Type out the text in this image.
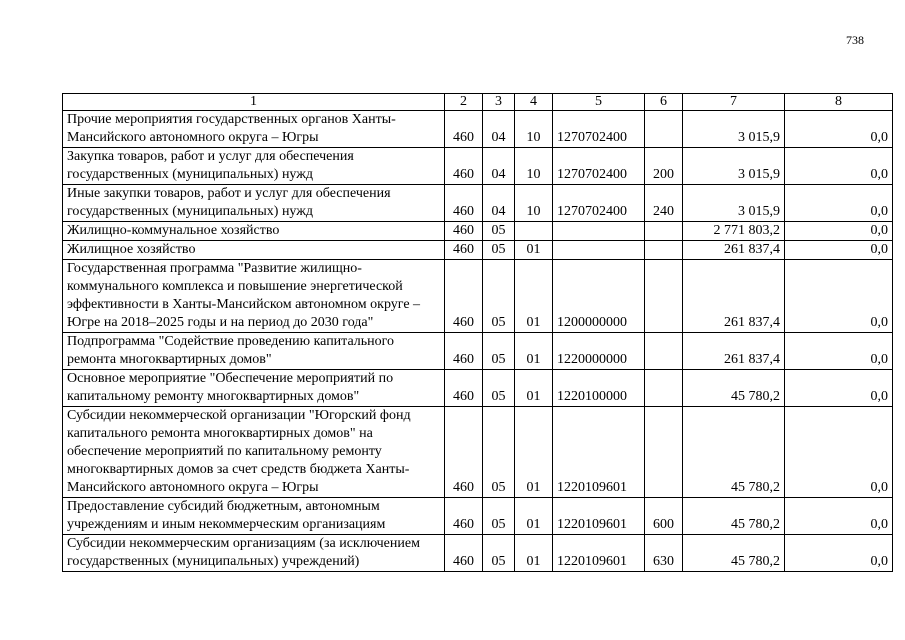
738
1	2	3	4	5	6	7	8
Прочие мероприятия государственных органов Ханты-Мансийского автономного округа – Югры	460	04	10	1270702400		3 015,9	0,0
Закупка товаров, работ и услуг для обеспечения государственных (муниципальных) нужд	460	04	10	1270702400	200	3 015,9	0,0
Иные закупки товаров, работ и услуг для обеспечения государственных (муниципальных) нужд	460	04	10	1270702400	240	3 015,9	0,0
Жилищно-коммунальное хозяйство	460	05				2 771 803,2	0,0
Жилищное хозяйство	460	05	01			261 837,4	0,0
Государственная программа "Развитие жилищно-коммунального комплекса и повышение энергетической эффективности в Ханты-Мансийском автономном округе – Югре на 2018–2025 годы и на период до 2030 года"	460	05	01	1200000000		261 837,4	0,0
Подпрограмма "Содействие проведению капитального ремонта многоквартирных домов"	460	05	01	1220000000		261 837,4	0,0
Основное мероприятие "Обеспечение мероприятий по капитальному ремонту многоквартирных домов"	460	05	01	1220100000		45 780,2	0,0
Субсидии некоммерческой организации "Югорский фонд капитального ремонта многоквартирных домов" на обеспечение мероприятий по капитальному ремонту многоквартирных домов за счет средств бюджета Ханты-Мансийского автономного округа – Югры	460	05	01	1220109601		45 780,2	0,0
Предоставление субсидий бюджетным, автономным учреждениям и иным некоммерческим организациям	460	05	01	1220109601	600	45 780,2	0,0
Субсидии некоммерческим организациям (за исключением государственных (муниципальных) учреждений)	460	05	01	1220109601	630	45 780,2	0,0
